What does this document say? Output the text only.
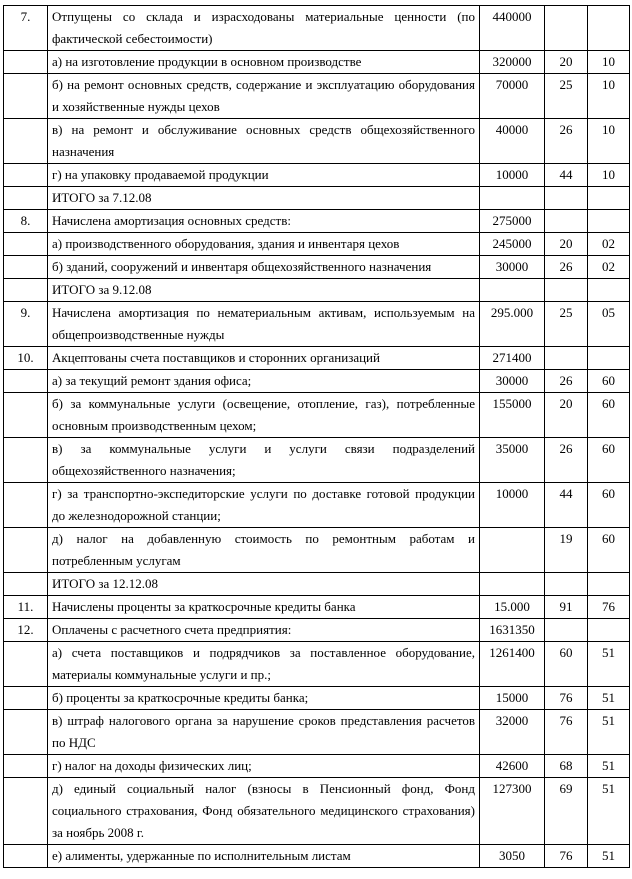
7.	Отпущены со склада и израсходованы материальные ценности (по фактической себестоимости)	440000		
	а) на изготовление продукции в основном производстве	320000	20	10
	б) на ремонт основных средств, содержание и эксплуатацию оборудования и хозяйственные нужды цехов	70000	25	10
	в) на ремонт и обслуживание основных средств общехозяйственного назначения	40000	26	10
	г) на упаковку продаваемой продукции	10000	44	10
	ИТОГО за 7.12.08			
8.	Начислена амортизация основных средств:	275000		
	а) производственного оборудования, здания и инвентаря цехов	245000	20	02
	б) зданий, сооружений и инвентаря общехозяйственного назначения	30000	26	02
	ИТОГО за 9.12.08			
9.	Начислена амортизация по нематериальным активам, используемым на общепроизводственные нужды	295.000	25	05
10.	Акцептованы счета поставщиков и сторонних организаций	271400		
	а) за текущий ремонт здания офиса;	30000	26	60
	б) за коммунальные услуги (освещение, отопление, газ), потребленные основным производственным цехом;	155000	20	60
	в) за коммунальные услуги и услуги связи подразделений общехозяйственного назначения;	35000	26	60
	г) за транспортно-экспедиторские услуги по доставке готовой продукции до железнодорожной станции;	10000	44	60
	д) налог на добавленную стоимость по ремонтным работам и потребленным услугам		19	60
	ИТОГО за 12.12.08			
11.	Начислены проценты за краткосрочные кредиты банка	15.000	91	76
12.	Оплачены с расчетного счета предприятия:	1631350		
	а) счета поставщиков и подрядчиков за поставленное оборудование, материалы коммунальные услуги и пр.;	1261400	60	51
	б) проценты за краткосрочные кредиты банка;	15000	76	51
	в) штраф налогового органа за нарушение сроков представления расчетов по НДС	32000	76	51
	г) налог на доходы физических лиц;	42600	68	51
	д) единый социальный налог (взносы в Пенсионный фонд, Фонд социального страхования, Фонд обязательного медицинского страхования) за ноябрь 2008 г.	127300	69	51
	е) алименты, удержанные по исполнительным листам	3050	76	51
